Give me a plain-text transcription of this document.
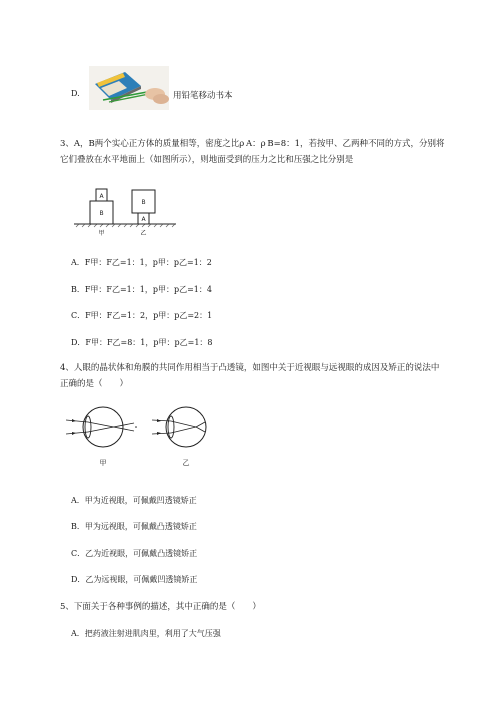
D.	用铅笔移动书本
3、A，B两个实心正方体的质量相等，密度之比ρ A：ρ B=8：1，若按甲、乙两种不同的方式，分别将
它们叠放在水平地面上（如图所示），则地面受到的压力之比和压强之比分别是
A
B
B
A
甲	乙
A．F甲：F乙=1：1，p甲：p乙=1：2
B．F甲：F乙=1：1，p甲：p乙=1：4
C．F甲：F乙=1：2，p甲：p乙=2：1
D．F甲：F乙=8：1，p甲：p乙=1：8
4、人眼的晶状体和角膜的共同作用相当于凸透镜，如图中关于近视眼与远视眼的成因及矫正的说法中
正确的是（　　）
甲	乙
A．甲为近视眼，可佩戴凹透镜矫正
B．甲为远视眼，可佩戴凸透镜矫正
C．乙为近视眼，可佩戴凸透镜矫正
D．乙为远视眼，可佩戴凹透镜矫正
5、下面关于各种事例的描述，其中正确的是（　　）
A．把药液注射进肌肉里，利用了大气压强
